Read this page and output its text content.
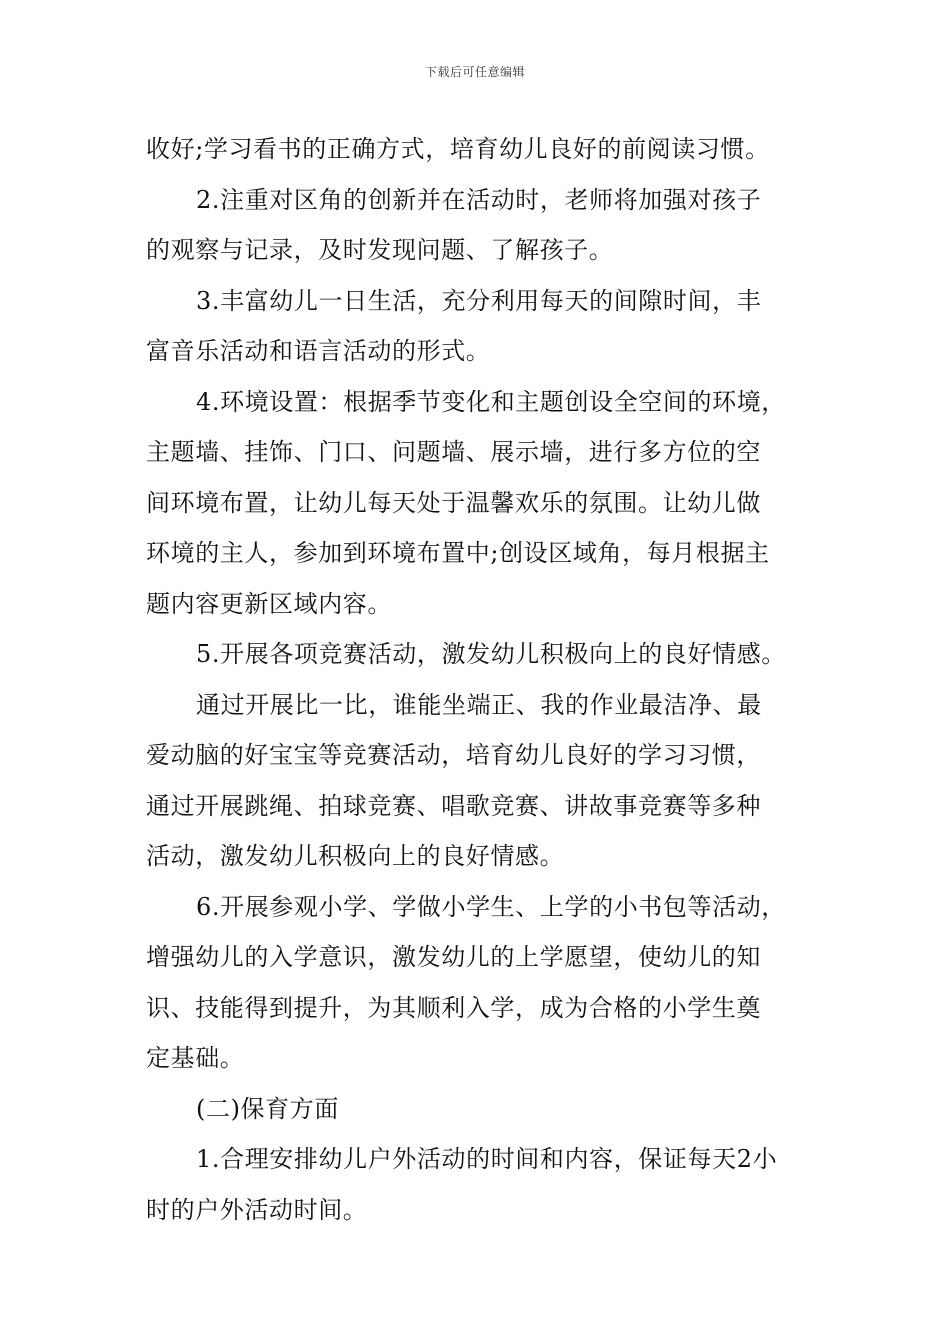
下载后可任意编辑
收好;学习看书的正确方式，培育幼儿良好的前阅读习惯。
2.注重对区角的创新并在活动时，老师将加强对孩子
的观察与记录，及时发现问题、了解孩子。
3.丰富幼儿一日生活，充分利用每天的间隙时间，丰
富音乐活动和语言活动的形式。
4.环境设置：根据季节变化和主题创设全空间的环境，
主题墙、挂饰、门口、问题墙、展示墙，进行多方位的空
间环境布置，让幼儿每天处于温馨欢乐的氛围。让幼儿做
环境的主人，参加到环境布置中;创设区域角，每月根据主
题内容更新区域内容。
5.开展各项竞赛活动，激发幼儿积极向上的良好情感。
通过开展比一比，谁能坐端正、我的作业最洁净、最
爱动脑的好宝宝等竞赛活动，培育幼儿良好的学习习惯，
通过开展跳绳、拍球竞赛、唱歌竞赛、讲故事竞赛等多种
活动，激发幼儿积极向上的良好情感。
6.开展参观小学、学做小学生、上学的小书包等活动，
增强幼儿的入学意识，激发幼儿的上学愿望，使幼儿的知
识、技能得到提升，为其顺利入学，成为合格的小学生奠
定基础。
(二)保育方面
1.合理安排幼儿户外活动的时间和内容，保证每天2小
时的户外活动时间。
